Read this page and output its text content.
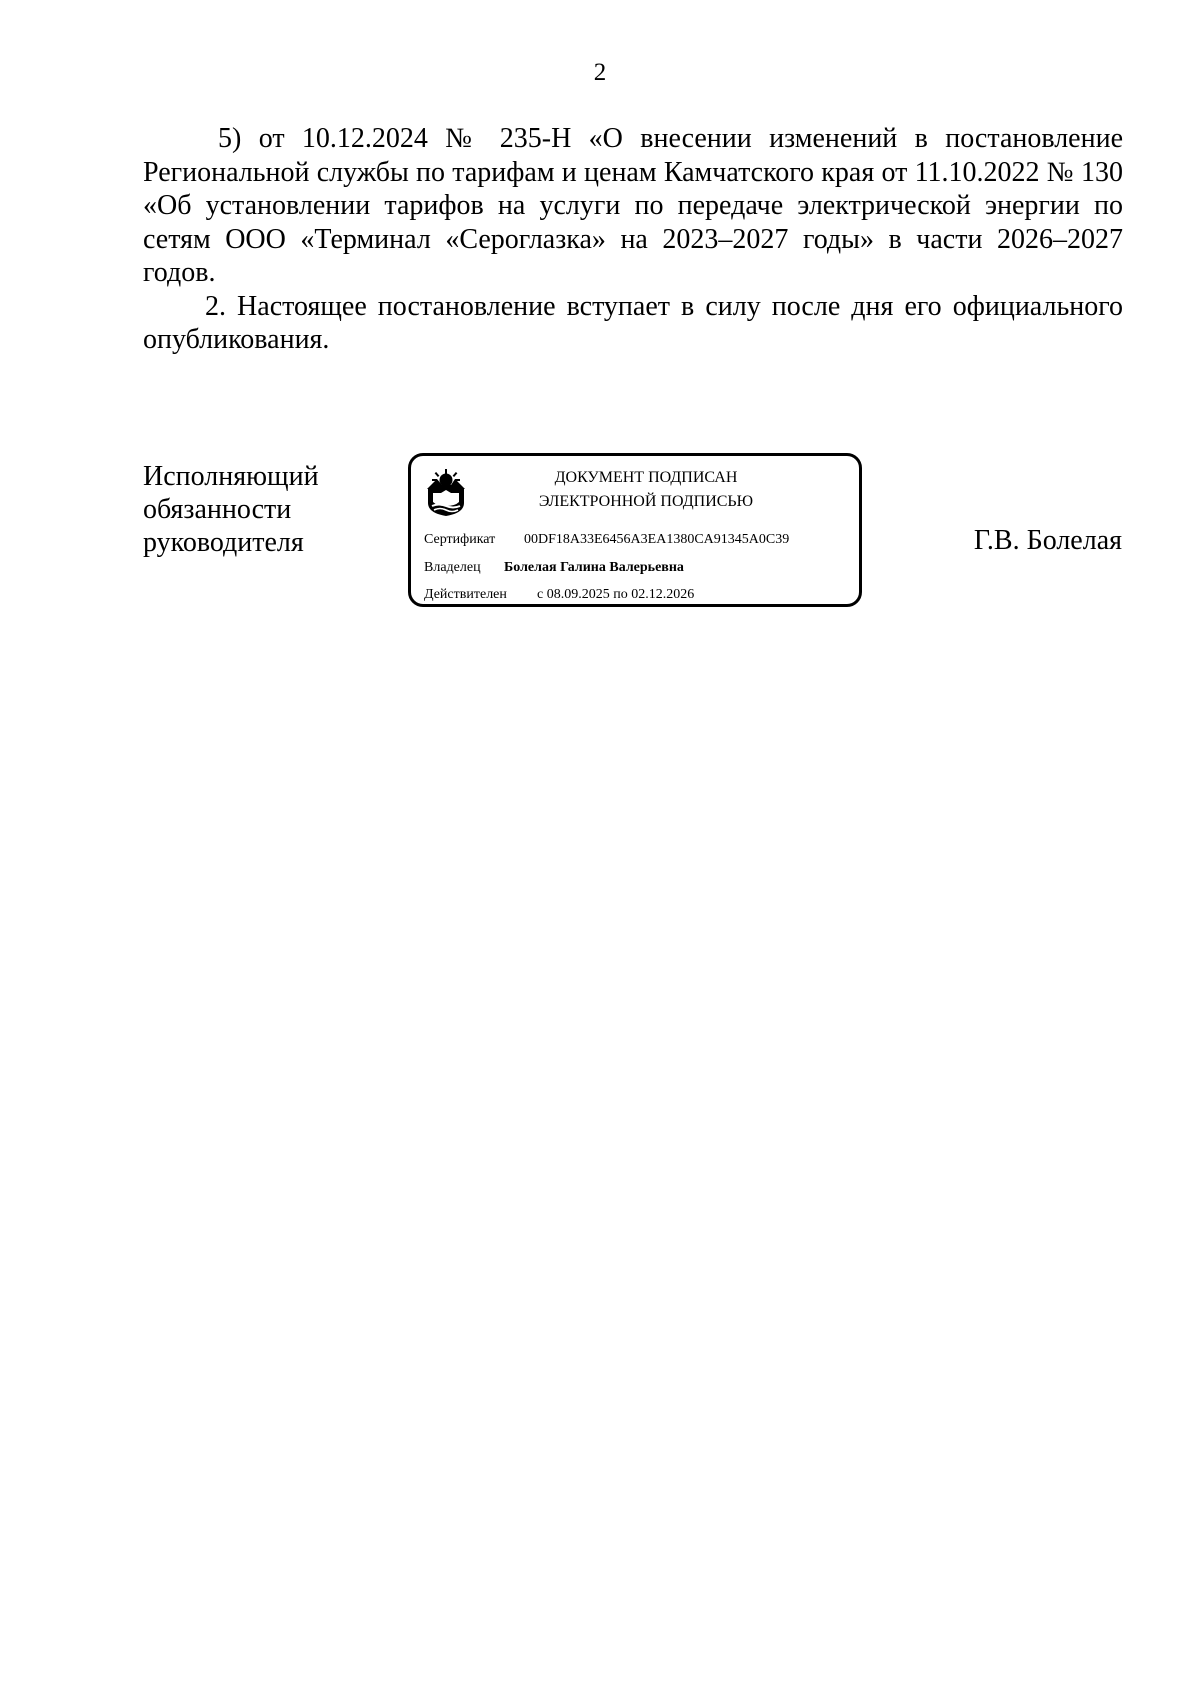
2

5) от 10.12.2024 № 235-Н «О внесении изменений в постановление Региональной службы по тарифам и ценам Камчатского края от 11.10.2022 № 130 «Об установлении тарифов на услуги по передаче электрической энергии по сетям ООО «Терминал «Сероглазка» на 2023–2027 годы» в части 2026–2027 годов.

2. Настоящее постановление вступает в силу после дня его официального опубликования.

Исполняющий
обязанности
руководителя
ДОКУМЕНТ ПОДПИСАН
ЭЛЕКТРОННОЙ ПОДПИСЬЮ
Сертификат 00DF18A33E6456A3EA1380CA91345A0C39
Владелец Болелая Галина Валерьевна
Действителен с 08.09.2025 по 02.12.2026
Г.В. Болелая
